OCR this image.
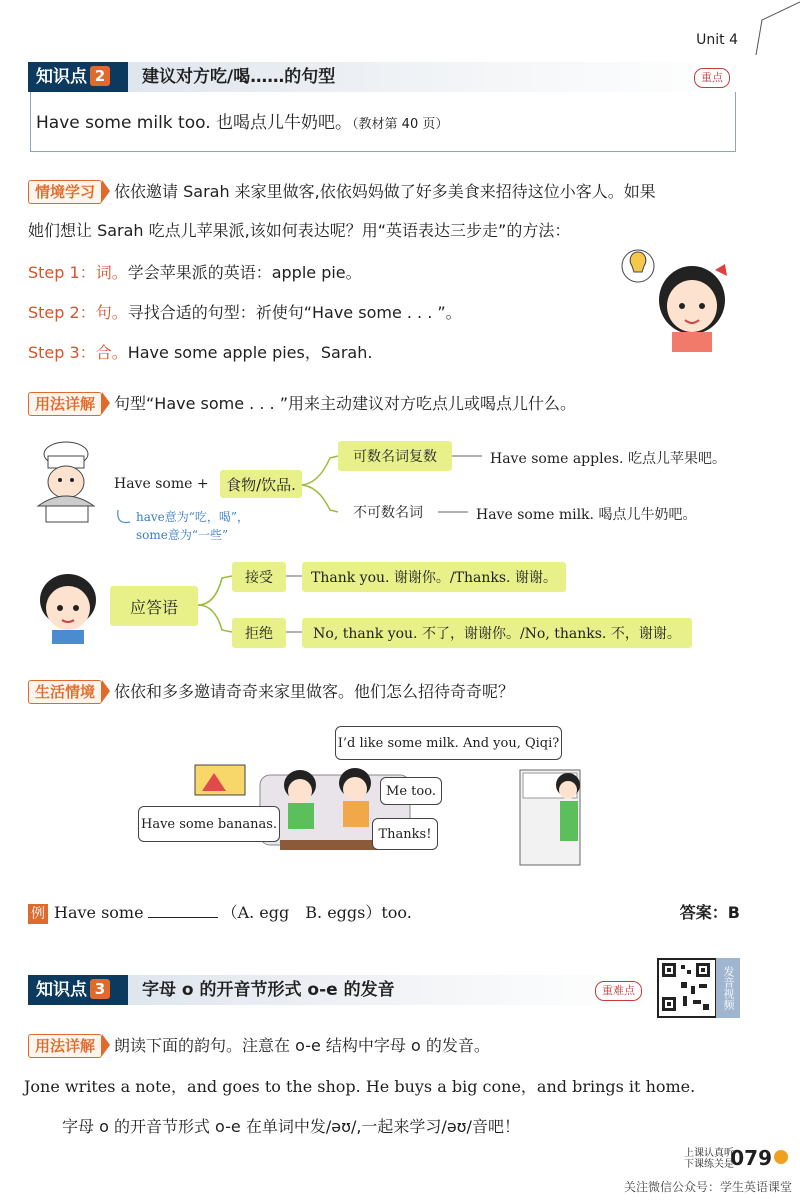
Unit 4
知识点 2	建议对方吃/喝……的句型	重点
Have some milk too. 也喝点儿牛奶吧。（教材第 40 页）
情境学习 依依邀请 Sarah 来家里做客,依依妈妈做了好多美食来招待这位小客人。如果
她们想让 Sarah 吃点儿苹果派,该如何表达呢？用“英语表达三步走”的方法：
Step 1：词。学会苹果派的英语：apple pie。
Step 2：句。寻找合适的句型：祈使句“Have some . . . ”。
Step 3：合。Have some apple pies，Sarah.
用法详解 句型“Have some . . . ”用来主动建议对方吃点儿或喝点儿什么。
Have some +	食物/饮品.
可数名词复数	Have some apples. 吃点儿苹果吧。
不可数名词	Have some milk. 喝点儿牛奶吧。
have意为“吃，喝”，
some意为“一些”
应答语
接受	Thank you. 谢谢你。/Thanks. 谢谢。
拒绝	No, thank you. 不了，谢谢你。/No, thanks. 不，谢谢。
生活情境 依依和多多邀请奇奇来家里做客。他们怎么招待奇奇呢？
I’d like some milk. And you, Qiqi?
Me too.
Have some bananas.
Thanks!
例 Have some	（A. egg　B. eggs）too.	答案：B
知识点 3	字母 o 的开音节形式 o-e 的发音	重难点	发音视频
用法详解 朗读下面的韵句。注意在 o-e 结构中字母 o 的发音。
Jone writes a note，and goes to the shop. He buys a big cone，and brings it home.
字母 o 的开音节形式 o-e 在单词中发/əʊ/,一起来学习/əʊ/音吧！
上课认真听
下课练关是
079
关注微信公众号：学生英语课堂
